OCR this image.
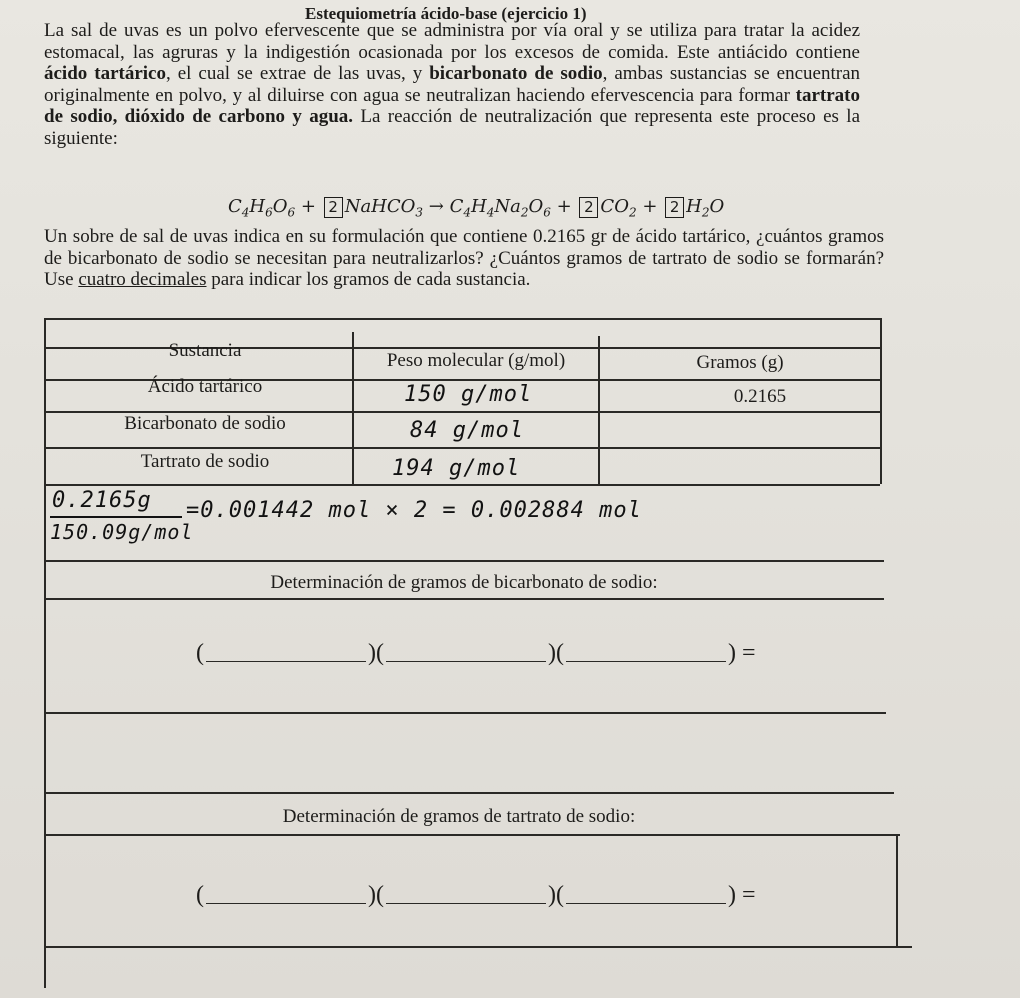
Estequiometría ácido-base (ejercicio 1)
La sal de uvas es un polvo efervescente que se administra por vía oral y se utiliza para tratar la acidez estomacal, las agruras y la indigestión ocasionada por los excesos de comida. Este antiácido contiene ácido tartárico, el cual se extrae de las uvas, y bicarbonato de sodio, ambas sustancias se encuentran originalmente en polvo, y al diluirse con agua se neutralizan haciendo efervescencia para formar tartrato de sodio, dióxido de carbono y agua. La reacción de neutralización que representa este proceso es la siguiente:
$C_4H_6O_6 + 2$ NaHCO$_3$ → $C_4H_4Na_2O_6 + 2$ $CO_2 + 2$ $H_2O$
Un sobre de sal de uvas indica en su formulación que contiene 0.2165 gr de ácido tartárico, ¿cuántos gramos de bicarbonato de sodio se necesitan para neutralizarlos? ¿Cuántos gramos de tartrato de sodio se formarán? Use cuatro decimales para indicar los gramos de cada sustancia.
Sustancia	Peso molecular (g/mol)	Gramos (g)
Ácido tartárico	150 g/mol	0.2165
Bicarbonato de sodio	84 g/mol
Tartrato de sodio	194 g/mol
0.2165g
150.09g/mol
=0.001442 mol × 2 = 0.002884 mol
Determinación de gramos de bicarbonato de sodio:
(	)(	)(	) =
Determinación de gramos de tartrato de sodio:
(	)(	)(	) =
